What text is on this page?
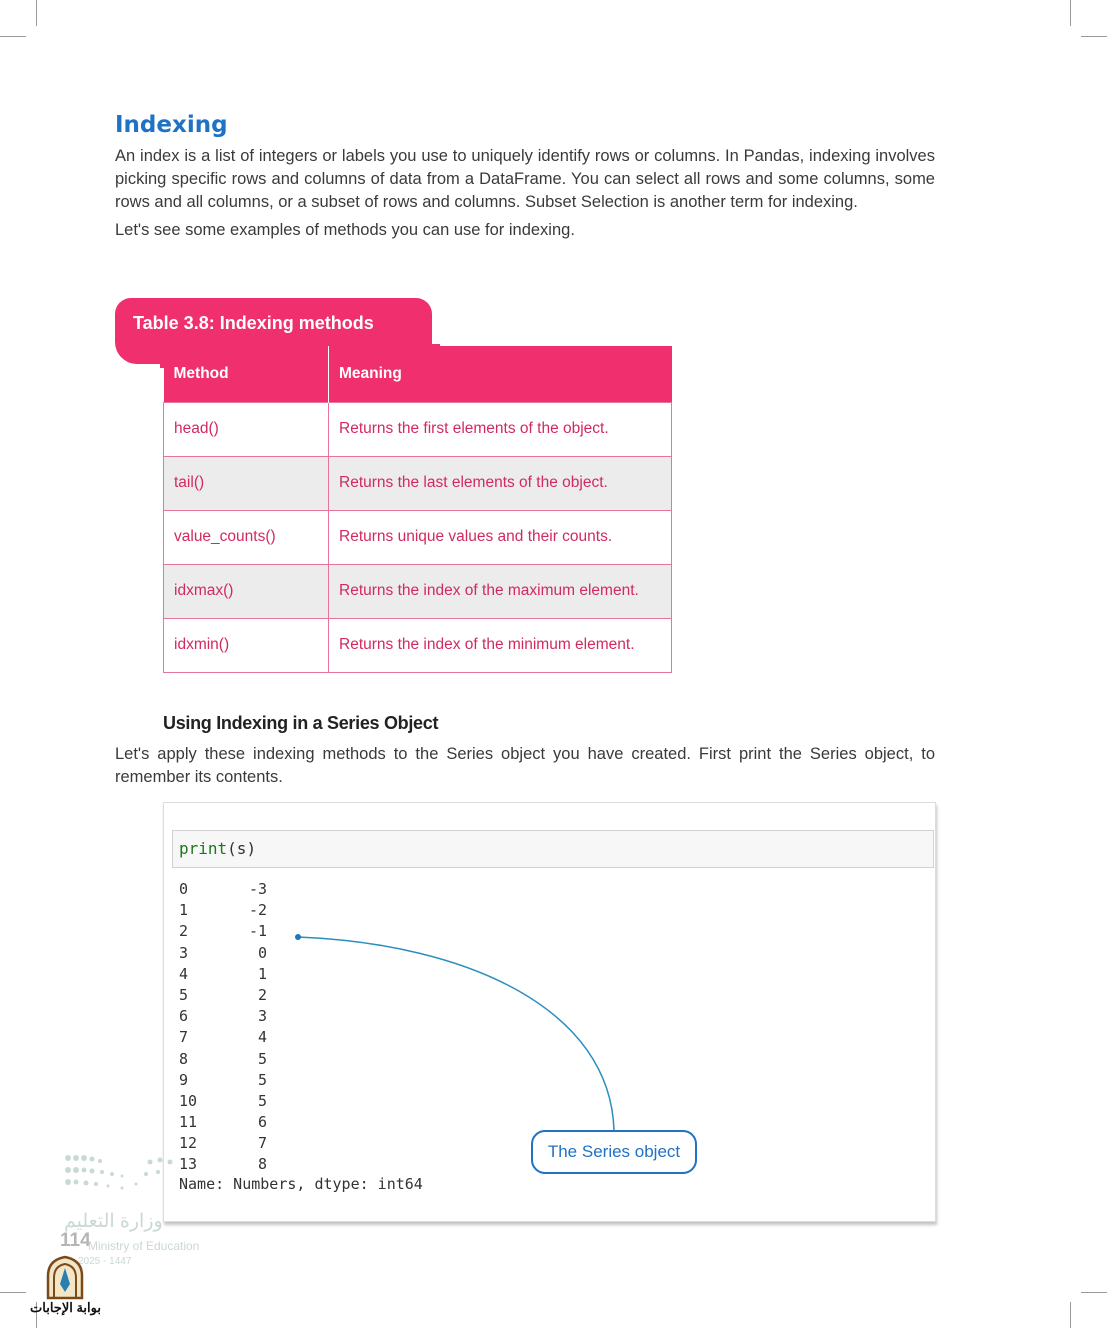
Indexing

An index is a list of integers or labels you use to uniquely identify rows or columns. In Pandas, indexing involves picking specific rows and columns of data from a DataFrame. You can select all rows and some columns, some rows and all columns, or a subset of rows and columns. Subset Selection is another term for indexing.

Let's see some examples of methods you can use for indexing.

Table 3.8: Indexing methods
Method	Meaning
head()	Returns the first elements of the object.
tail()	Returns the last elements of the object.
value_counts()	Returns unique values and their counts.
idxmax()	Returns the index of the maximum element.
idxmin()	Returns the index of the minimum element.
Using Indexing in a Series Object

Let's apply these indexing methods to the Series object you have created. First print the Series object, to remember its contents.

print(s)
0	-3
1	-2
2	-1
3	0
4	1
5	2
6	3
7	4
8	5
9	5
10	5
11	6
12	7
13	8
Name: Numbers, dtype: int64
The Series object
وزارة التعليم
114
Ministry of Education
2025 - 1447
بوابة الإجابات
